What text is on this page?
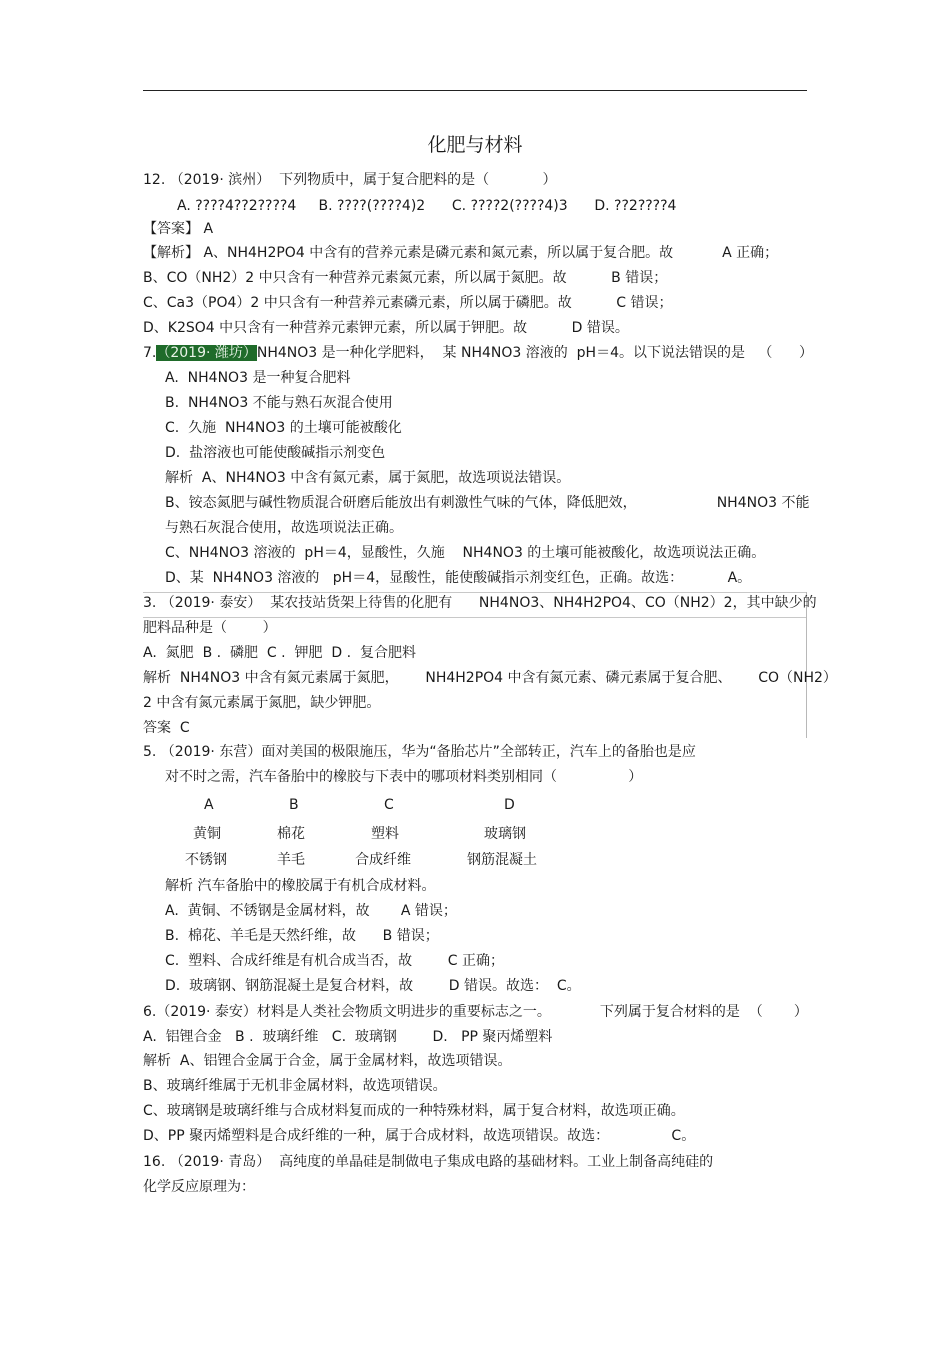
化肥与材料
12. （2019· 滨州）  下列物质中，属于复合肥料的是（            ）
A. ????4??2????4     B. ????(????4)2      C. ????2(????4)3      D. ??2????4
【答案】 A
【解析】 A、NH4H2PO4 中含有的营养元素是磷元素和氮元素，所以属于复合肥。故           A 正确；
B、CO（NH2）2 中只含有一种营养元素氮元素，所以属于氮肥。故          B 错误；
C、Ca3（PO4）2 中只含有一种营养元素磷元素，所以属于磷肥。故          C 错误；
D、K2SO4 中只含有一种营养元素钾元素，所以属于钾肥。故          D 错误。
7.（2019· 潍坊）NH4NO3 是一种化学肥料，  某 NH4NO3 溶液的  pH＝4。以下说法错误的是   （      ）
A.  NH4NO3 是一种复合肥料
B.  NH4NO3 不能与熟石灰混合使用
C.  久施  NH4NO3 的土壤可能被酸化
D.  盐溶液也可能使酸碱指示剂变色
解析  A、NH4NO3 中含有氮元素，属于氮肥，故选项说法错误。
B、铵态氮肥与碱性物质混合研磨后能放出有刺激性气味的气体，降低肥效，                  NH4NO3 不能
与熟石灰混合使用，故选项说法正确。
C、NH4NO3 溶液的  pH＝4，显酸性，久施    NH4NO3 的土壤可能被酸化，故选项说法正确。
D、某  NH4NO3 溶液的   pH＝4，显酸性，能使酸碱指示剂变红色，正确。故选：          A。
3. （2019· 泰安）  某农技站货架上待售的化肥有      NH4NO3、NH4H2PO4、CO（NH2）2，其中缺少的
肥料品种是（        ）
A.  氮肥  B .  磷肥  C .  钾肥  D .  复合肥料
解析  NH4NO3 中含有氮元素属于氮肥，      NH4H2PO4 中含有氮元素、磷元素属于复合肥、      CO（NH2）
2 中含有氮元素属于氮肥，缺少钾肥。
答案  C
5. （2019· 东营）面对美国的极限施压，华为“备胎芯片”全部转正，汽车上的备胎也是应
对不时之需，汽车备胎中的橡胶与下表中的哪项材料类别相同（                ）
A	B	C	D
黄铜	棉花	塑料	玻璃钢
不锈钢	羊毛	合成纤维	钢筋混凝土
解析 汽车备胎中的橡胶属于有机合成材料。
A.  黄铜、不锈钢是金属材料，故       A 错误；
B.  棉花、羊毛是天然纤维，故      B 错误；
C.  塑料、合成纤维是有机合成当否，故        C 正确；
D.  玻璃钢、钢筋混凝土是复合材料，故        D 错误。故选：  C。
6.（2019· 泰安）材料是人类社会物质文明进步的重要标志之一。           下列属于复合材料的是  （       ）
A.  铝锂合金   B .  玻璃纤维   C.  玻璃钢        D.   PP 聚丙烯塑料
解析  A、铝锂合金属于合金，属于金属材料，故选项错误。
B、玻璃纤维属于无机非金属材料，故选项错误。
C、玻璃钢是玻璃纤维与合成材料复而成的一种特殊材料，属于复合材料，故选项正确。
D、PP 聚丙烯塑料是合成纤维的一种，属于合成材料，故选项错误。故选：              C。
16. （2019· 青岛）  高纯度的单晶硅是制做电子集成电路的基础材料。工业上制备高纯硅的
化学反应原理为：
